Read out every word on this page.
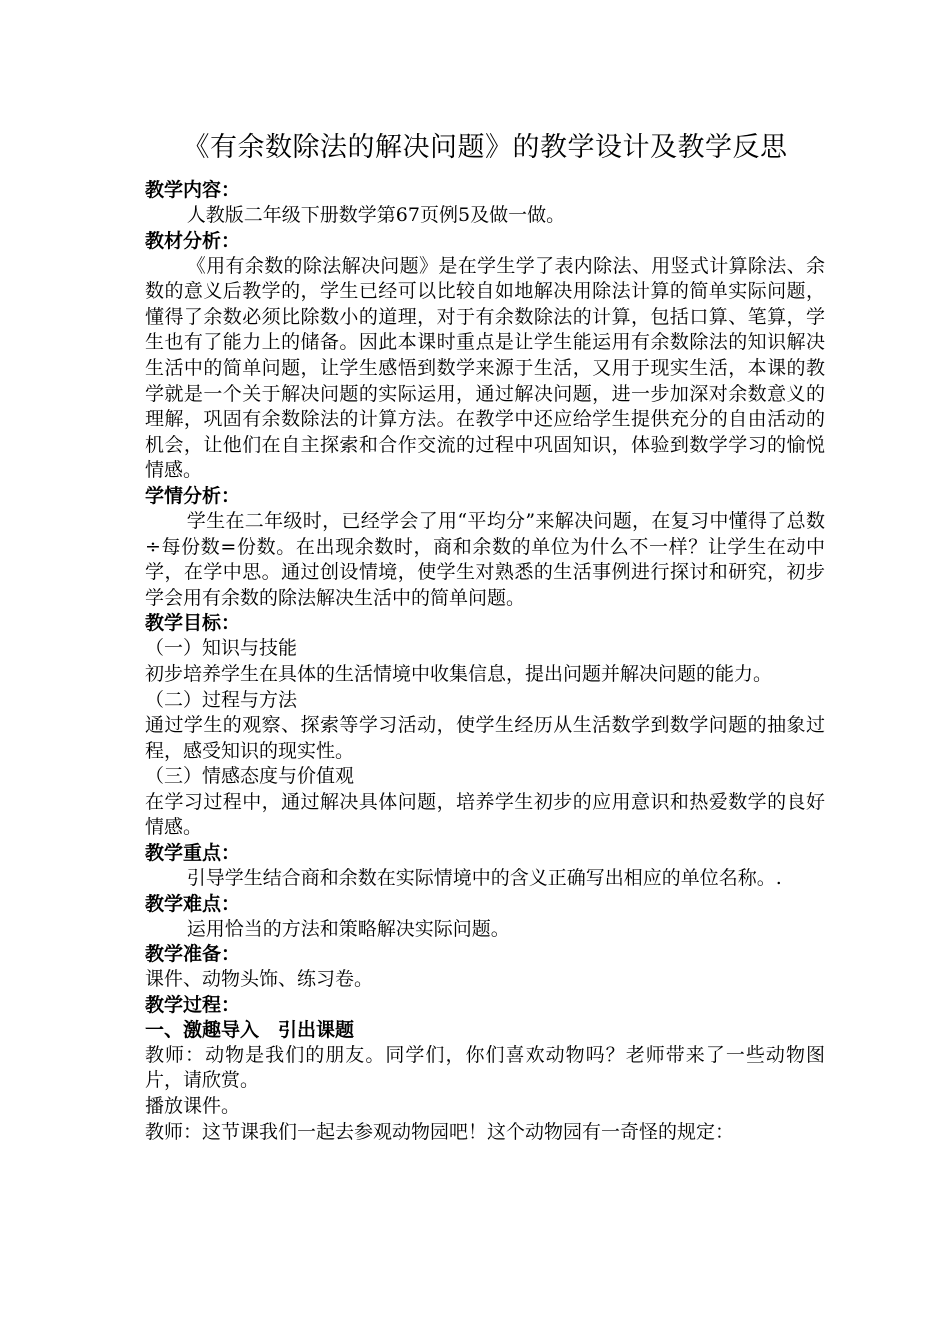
《有余数除法的解决问题》的教学设计及教学反思

教学内容：

人教版二年级下册数学第67页例5及做一做。

教材分析：

《用有余数的除法解决问题》是在学生学了表内除法、用竖式计算除法、余数的意义后教学的，学生已经可以比较自如地解决用除法计算的简单实际问题，懂得了余数必须比除数小的道理，对于有余数除法的计算，包括口算、笔算，学生也有了能力上的储备。因此本课时重点是让学生能运用有余数除法的知识解决生活中的简单问题，让学生感悟到数学来源于生活，又用于现实生活，本课的教学就是一个关于解决问题的实际运用，通过解决问题，进一步加深对余数意义的理解，巩固有余数除法的计算方法。在教学中还应给学生提供充分的自由活动的机会，让他们在自主探索和合作交流的过程中巩固知识，体验到数学学习的愉悦情感。

学情分析：

学生在二年级时，已经学会了用“平均分”来解决问题，在复习中懂得了总数÷每份数=份数。在出现余数时，商和余数的单位为什么不一样？让学生在动中学，在学中思。通过创设情境，使学生对熟悉的生活事例进行探讨和研究，初步学会用有余数的除法解决生活中的简单问题。

教学目标：

（一）知识与技能

初步培养学生在具体的生活情境中收集信息，提出问题并解决问题的能力。

（二）过程与方法

通过学生的观察、探索等学习活动，使学生经历从生活数学到数学问题的抽象过程，感受知识的现实性。

（三）情感态度与价值观

在学习过程中，通过解决具体问题，培养学生初步的应用意识和热爱数学的良好情感。

教学重点：

引导学生结合商和余数在实际情境中的含义正确写出相应的单位名称。.

教学难点：

运用恰当的方法和策略解决实际问题。

教学准备：

课件、动物头饰、练习卷。

教学过程：

一、激趣导入　引出课题

教师：动物是我们的朋友。同学们，你们喜欢动物吗？老师带来了一些动物图片，请欣赏。

播放课件。

教师：这节课我们一起去参观动物园吧！这个动物园有一奇怪的规定：
